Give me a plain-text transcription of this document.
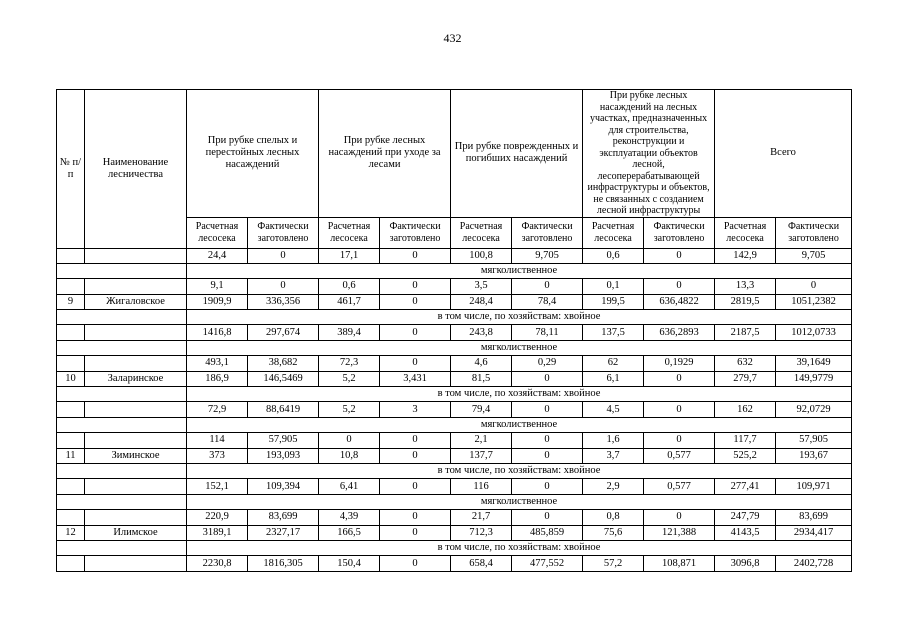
432
№ п/п	Наименование лесничества	При рубке спелых и перестойных лесных насаждений		При рубке лесных насаждений при уходе за лесами		При рубке поврежденных и погибших насаждений		При рубке лесных насаждений на лесных участках, предназначенных для строительства, реконструкции и эксплуатации объектов лесной, лесоперерабатывающей инфраструктуры и объектов, не связанных с созданием лесной инфраструктуры		Всего	
		Расчетная лесосека	Фактически заготовлено	Расчетная лесосека	Фактически заготовлено	Расчетная лесосека	Фактически заготовлено	Расчетная лесосека	Фактически заготовлено	Расчетная лесосека	Фактически заготовлено
		24,4	0	17,1	0	100,8	9,705	0,6	0	142,9	9,705
		мягколиственное									
		9,1	0	0,6	0	3,5	0	0,1	0	13,3	0
9	Жигаловское	1909,9	336,356	461,7	0	248,4	78,4	199,5	636,4822	2819,5	1051,2382
		в том числе, по хозяйствам: хвойное									
		1416,8	297,674	389,4	0	243,8	78,11	137,5	636,2893	2187,5	1012,0733
		мягколиственное									
		493,1	38,682	72,3	0	4,6	0,29	62	0,1929	632	39,1649
10	Заларинское	186,9	146,5469	5,2	3,431	81,5	0	6,1	0	279,7	149,9779
		в том числе, по хозяйствам: хвойное									
		72,9	88,6419	5,2	3	79,4	0	4,5	0	162	92,0729
		мягколиственное									
		114	57,905	0	0	2,1	0	1,6	0	117,7	57,905
11	Зиминское	373	193,093	10,8	0	137,7	0	3,7	0,577	525,2	193,67
		в том числе, по хозяйствам: хвойное									
		152,1	109,394	6,41	0	116	0	2,9	0,577	277,41	109,971
		мягколиственное									
		220,9	83,699	4,39	0	21,7	0	0,8	0	247,79	83,699
12	Илимское	3189,1	2327,17	166,5	0	712,3	485,859	75,6	121,388	4143,5	2934,417
		в том числе, по хозяйствам: хвойное									
		2230,8	1816,305	150,4	0	658,4	477,552	57,2	108,871	3096,8	2402,728
